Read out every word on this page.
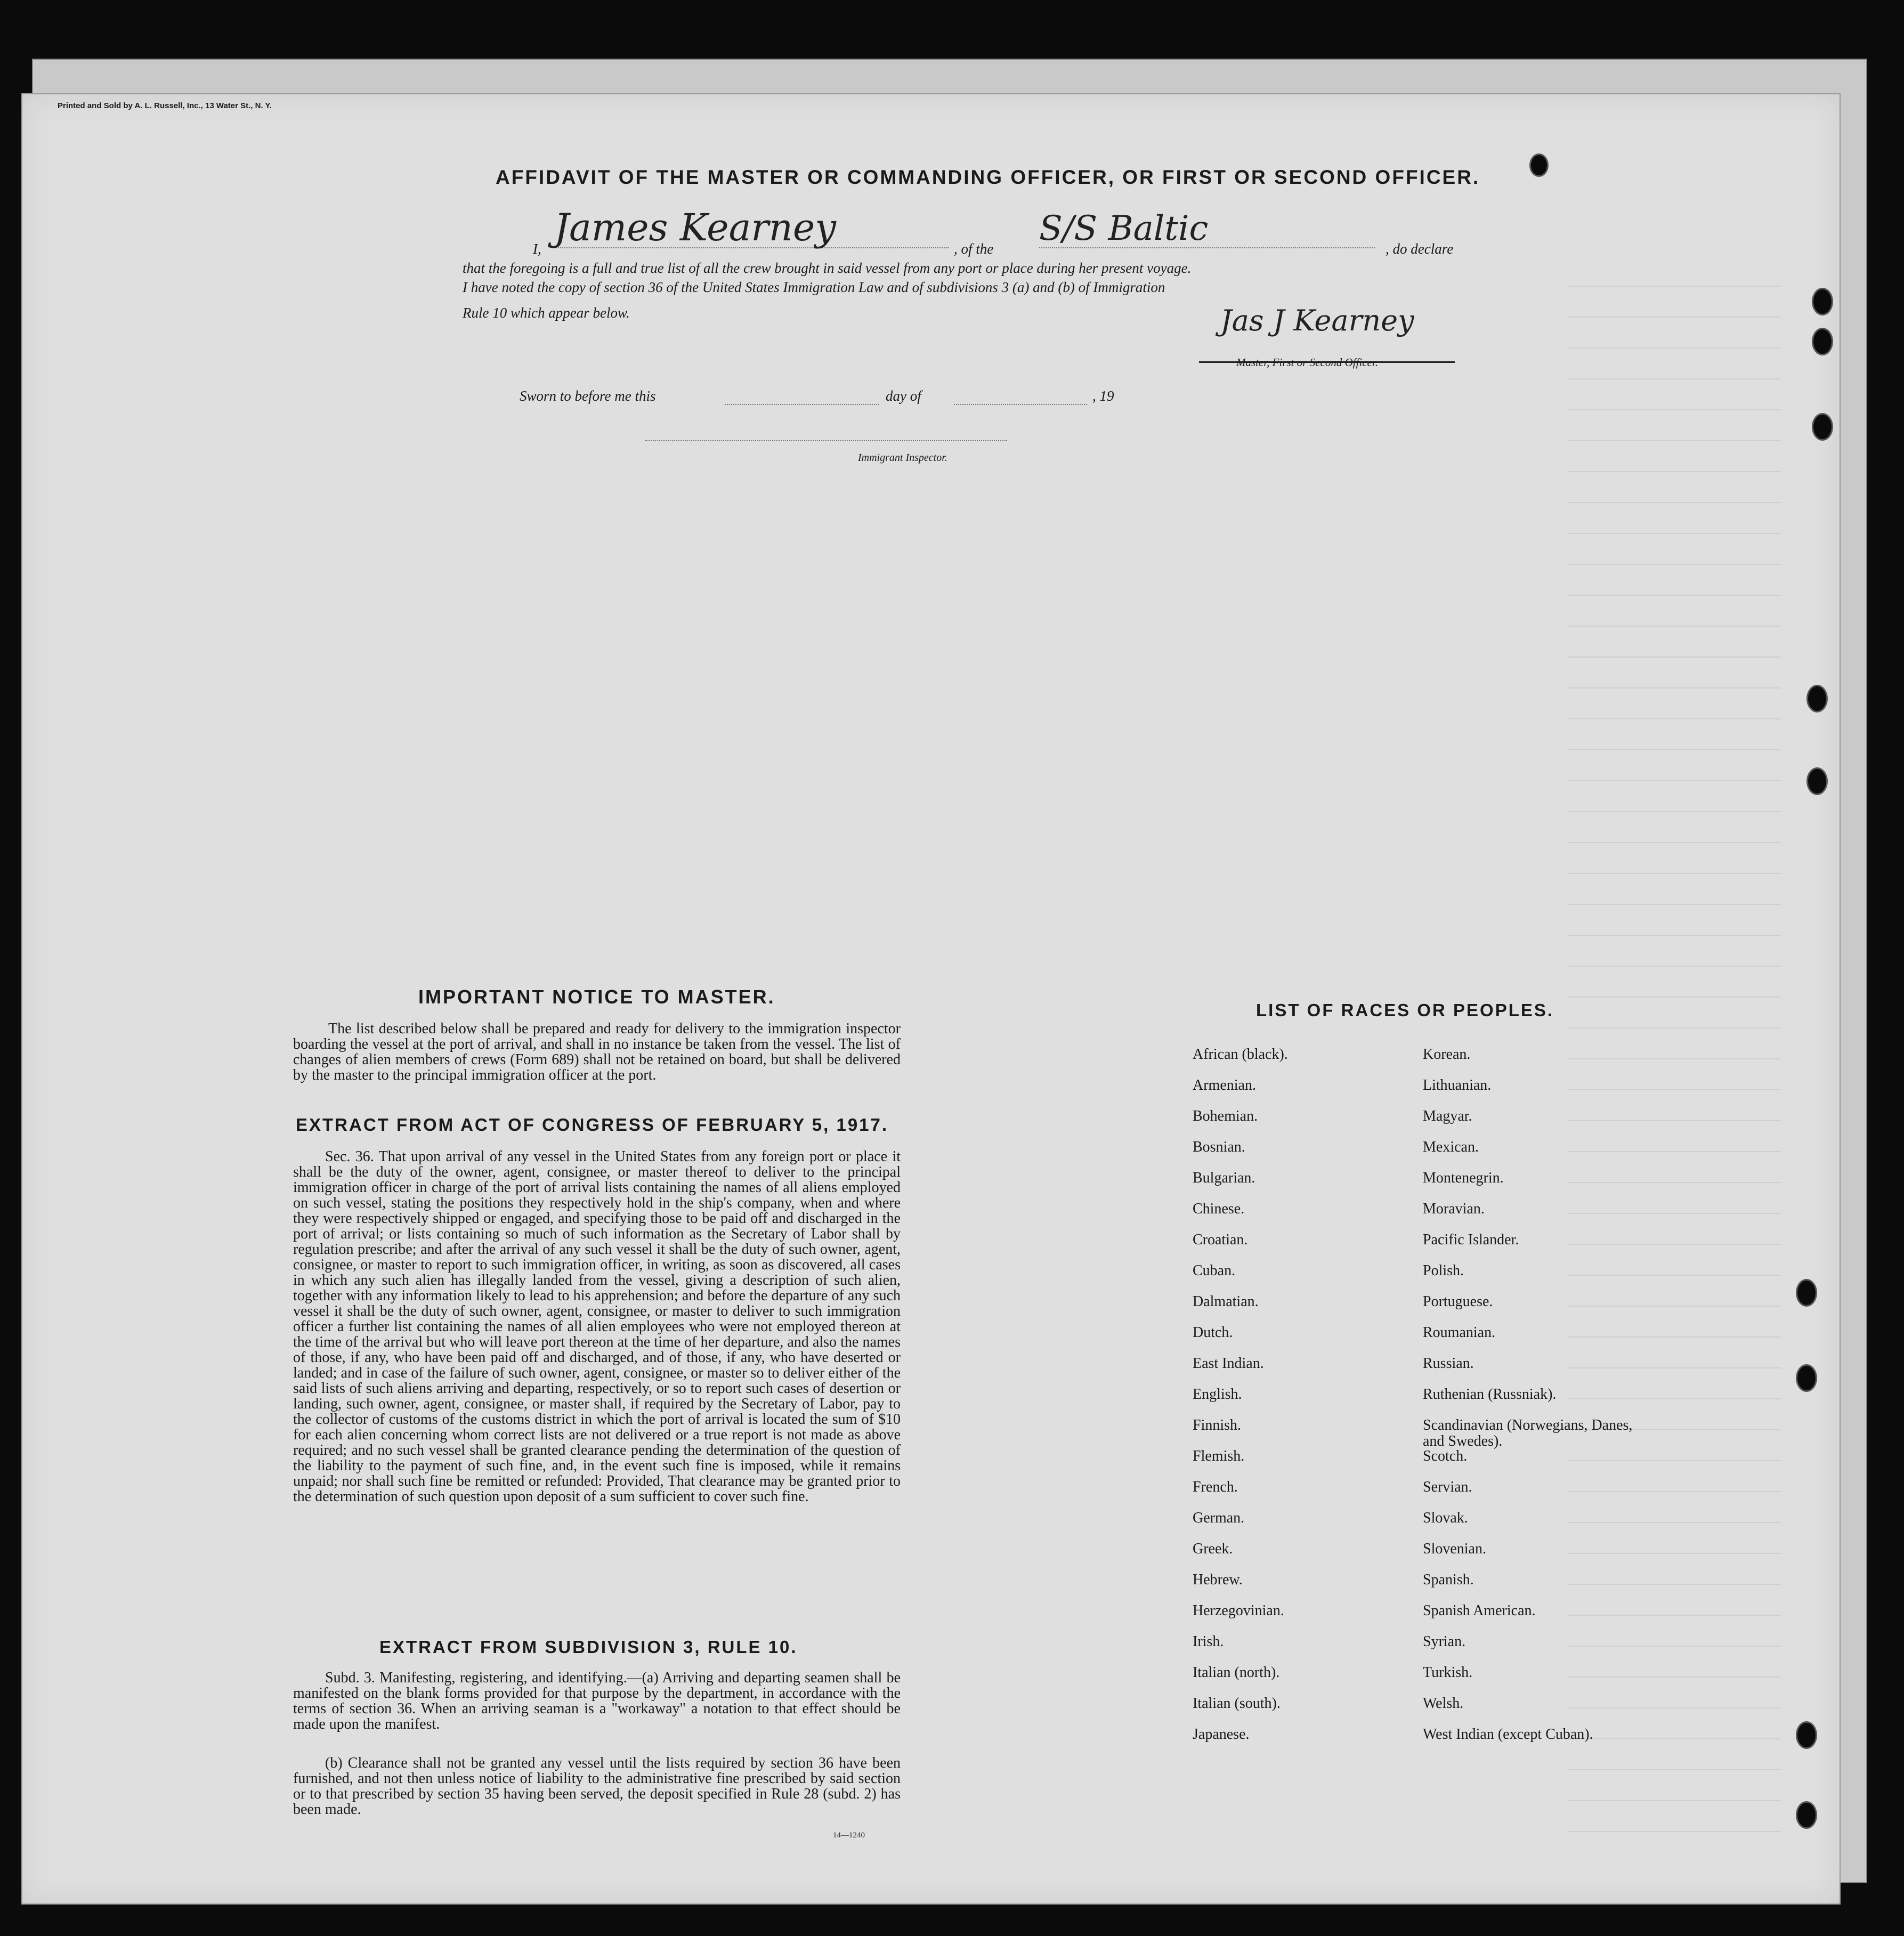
Printed and Sold by A. L. Russell, Inc., 13 Water St., N. Y.
AFFIDAVIT OF THE MASTER OR COMMANDING OFFICER, OR FIRST OR SECOND OFFICER.
I, James Kearney	, of the
S/S Baltic
, do declare
that the foregoing is a full and true list of all the crew brought in said vessel from any port or place during her present voyage.
I have noted the copy of section 36 of the United States Immigration Law and of subdivisions 3 (a) and (b) of Immigration
Rule 10 which appear below.	Jas J Kearney
Master, First or Second Officer.
Sworn to before me this	day of	, 19
Immigrant Inspector.
IMPORTANT NOTICE TO MASTER.
The list described below shall be prepared and ready for delivery to the immigration inspector boarding the vessel at the port of arrival, and shall in no instance be taken from the vessel. The list of changes of alien members of crews (Form 689) shall not be retained on board, but shall be delivered by the master to the principal immigration officer at the port.
EXTRACT FROM ACT OF CONGRESS OF FEBRUARY 5, 1917.
Sec. 36. That upon arrival of any vessel in the United States from any foreign port or place it shall be the duty of the owner, agent, consignee, or master thereof to deliver to the principal immigration officer in charge of the port of arrival lists containing the names of all aliens employed on such vessel, stating the positions they respectively hold in the ship's company, when and where they were respectively shipped or engaged, and specifying those to be paid off and discharged in the port of arrival; or lists containing so much of such information as the Secretary of Labor shall by regulation prescribe; and after the arrival of any such vessel it shall be the duty of such owner, agent, consignee, or master to report to such immigration officer, in writing, as soon as discovered, all cases in which any such alien has illegally landed from the vessel, giving a description of such alien, together with any information likely to lead to his apprehension; and before the departure of any such vessel it shall be the duty of such owner, agent, consignee, or master to deliver to such immigration officer a further list containing the names of all alien employees who were not employed thereon at the time of the arrival but who will leave port thereon at the time of her departure, and also the names of those, if any, who have been paid off and discharged, and of those, if any, who have deserted or landed; and in case of the failure of such owner, agent, consignee, or master so to deliver either of the said lists of such aliens arriving and departing, respectively, or so to report such cases of desertion or landing, such owner, agent, consignee, or master shall, if required by the Secretary of Labor, pay to the collector of customs of the customs district in which the port of arrival is located the sum of $10 for each alien concerning whom correct lists are not delivered or a true report is not made as above required; and no such vessel shall be granted clearance pending the determination of the question of the liability to the payment of such fine, and, in the event such fine is imposed, while it remains unpaid; nor shall such fine be remitted or refunded: Provided, That clearance may be granted prior to the determination of such question upon deposit of a sum sufficient to cover such fine.
EXTRACT FROM SUBDIVISION 3, RULE 10.
Subd. 3. Manifesting, registering, and identifying.—(a) Arriving and departing seamen shall be manifested on the blank forms provided for that purpose by the department, in accordance with the terms of section 36. When an arriving seaman is a "workaway" a notation to that effect should be made upon the manifest.
(b) Clearance shall not be granted any vessel until the lists required by section 36 have been furnished, and not then unless notice of liability to the administrative fine prescribed by said section or to that prescribed by section 35 having been served, the deposit specified in Rule 28 (subd. 2) has been made.
14—1240
LIST OF RACES OR PEOPLES.
African (black).
Armenian.
Bohemian.
Bosnian.
Bulgarian.
Chinese.
Croatian.
Cuban.
Dalmatian.
Dutch.
East Indian.
English.
Finnish.
Flemish.
French.
German.
Greek.
Hebrew.
Herzegovinian.
Irish.
Italian (north).
Italian (south).
Japanese.
Korean.
Lithuanian.
Magyar.
Mexican.
Montenegrin.
Moravian.
Pacific Islander.
Polish.
Portuguese.
Roumanian.
Russian.
Ruthenian (Russniak).
Scandinavian (Norwegians, Danes, and Swedes).
Scotch.
Servian.
Slovak.
Slovenian.
Spanish.
Spanish American.
Syrian.
Turkish.
Welsh.
West Indian (except Cuban).
